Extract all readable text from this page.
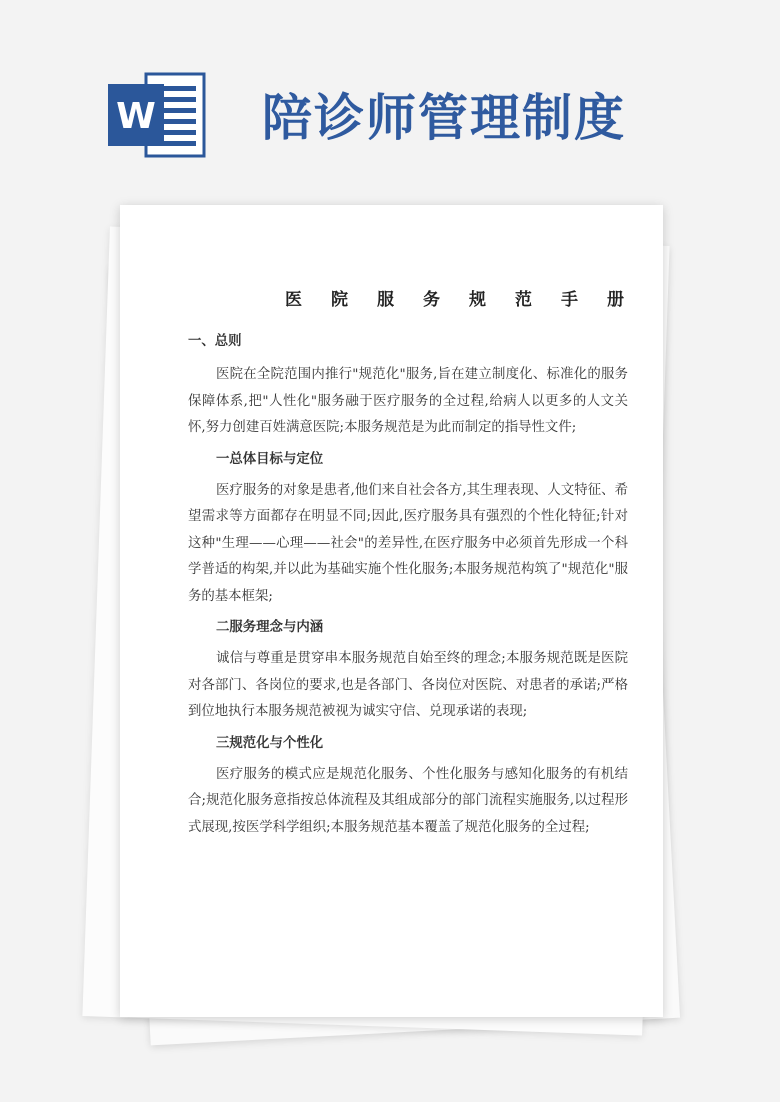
W 陪诊师管理制度
医院服务规范手册
一、总则
医院在全院范围内推行"规范化"服务,旨在建立制度化、标准化的服务保障体系,把"人性化"服务融于医疗服务的全过程,给病人以更多的人文关怀,努力创建百姓满意医院;本服务规范是为此而制定的指导性文件;
一总体目标与定位
医疗服务的对象是患者,他们来自社会各方,其生理表现、人文特征、希望需求等方面都存在明显不同;因此,医疗服务具有强烈的个性化特征;针对这种"生理——心理——社会"的差异性,在医疗服务中必须首先形成一个科学普适的构架,并以此为基础实施个性化服务;本服务规范构筑了"规范化"服务的基本框架;
二服务理念与内涵
诚信与尊重是贯穿串本服务规范自始至终的理念;本服务规范既是医院对各部门、各岗位的要求,也是各部门、各岗位对医院、对患者的承诺;严格到位地执行本服务规范被视为诚实守信、兑现承诺的表现;
三规范化与个性化
医疗服务的模式应是规范化服务、个性化服务与感知化服务的有机结合;规范化服务意指按总体流程及其组成部分的部门流程实施服务,以过程形式展现,按医学科学组织;本服务规范基本覆盖了规范化服务的全过程;
